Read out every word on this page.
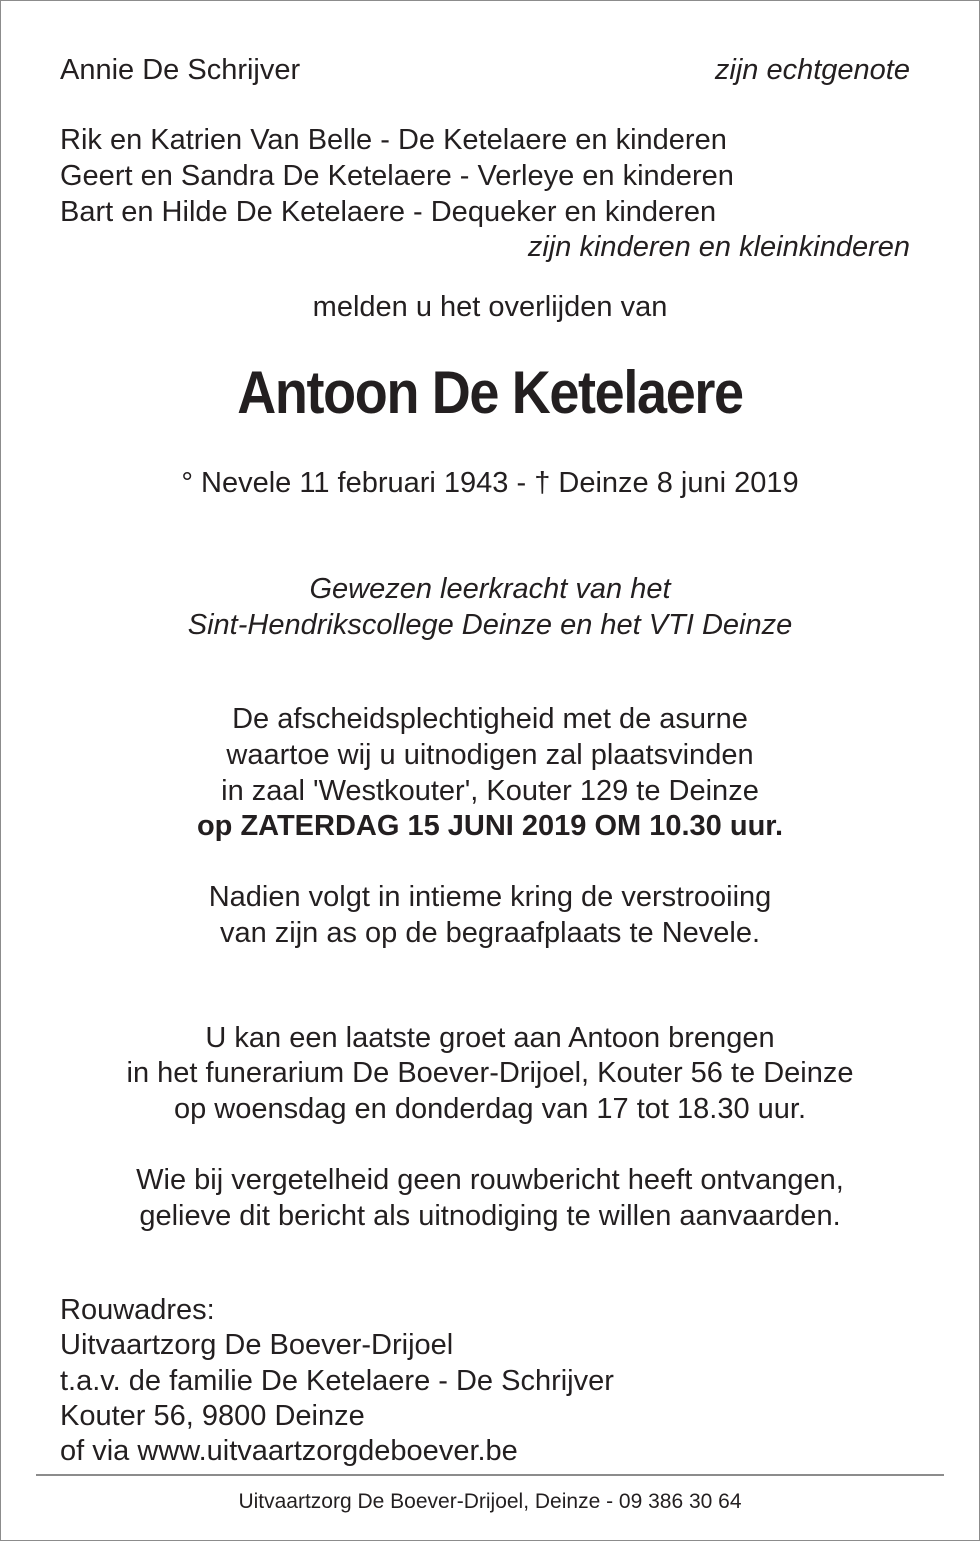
Annie De Schrijver	zijn echtgenote

Rik en Katrien Van Belle - De Ketelaere en kinderen

Geert en Sandra De Ketelaere - Verleye en kinderen

Bart en Hilde De Ketelaere - Dequeker en kinderen

zijn kinderen en kleinkinderen

melden u het overlijden van

Antoon De Ketelaere

° Nevele 11 februari 1943 - † Deinze 8 juni 2019

Gewezen leerkracht van het

Sint-Hendrikscollege Deinze en het VTI Deinze

De afscheidsplechtigheid met de asurne

waartoe wij u uitnodigen zal plaatsvinden

in zaal 'Westkouter', Kouter 129 te Deinze

op ZATERDAG 15 JUNI 2019 OM 10.30 uur.

Nadien volgt in intieme kring de verstrooiing

van zijn as op de begraafplaats te Nevele.

U kan een laatste groet aan Antoon brengen

in het funerarium De Boever-Drijoel, Kouter 56 te Deinze

op woensdag en donderdag van 17 tot 18.30 uur.

Wie bij vergetelheid geen rouwbericht heeft ontvangen,

gelieve dit bericht als uitnodiging te willen aanvaarden.

Rouwadres:

Uitvaartzorg De Boever-Drijoel

t.a.v. de familie De Ketelaere - De Schrijver

Kouter 56, 9800 Deinze

of via www.uitvaartzorgdeboever.be

Uitvaartzorg De Boever-Drijoel, Deinze - 09 386 30 64
